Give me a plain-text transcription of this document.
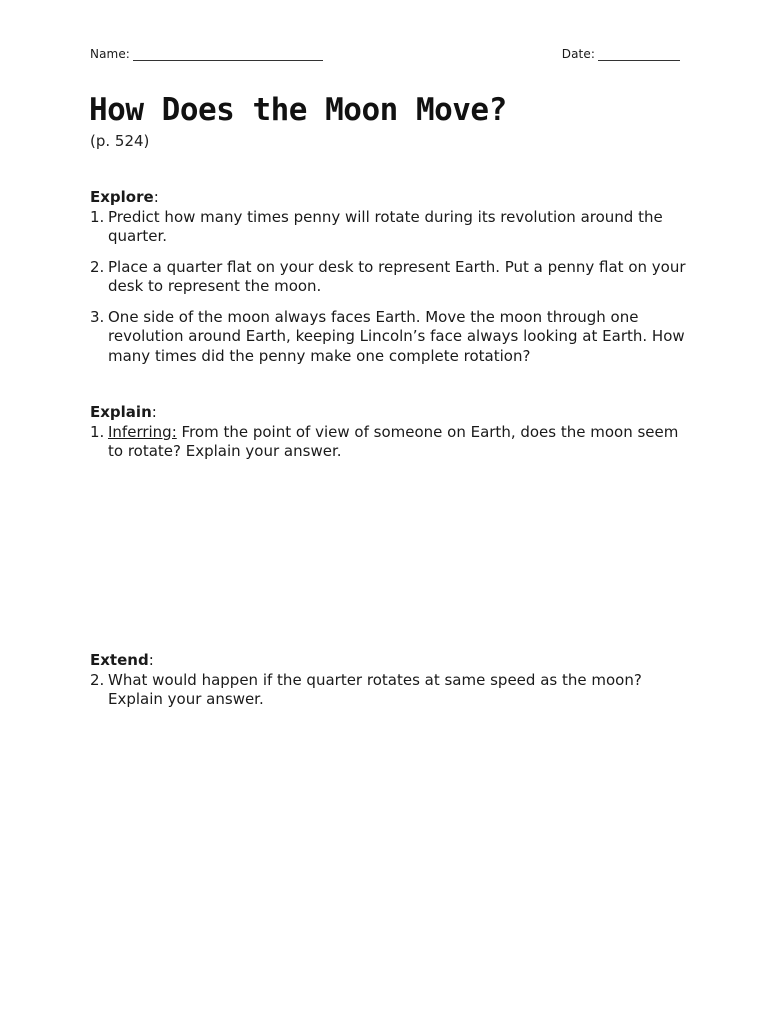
Name:	Date:
How Does the Moon Move?
(p. 524)
Explore:
1. Predict how many times penny will rotate during its revolution around the quarter.
2. Place a quarter flat on your desk to represent Earth. Put a penny flat on your desk to represent the moon.
3. One side of the moon always faces Earth. Move the moon through one revolution around Earth, keeping Lincoln’s face always looking at Earth. How many times did the penny make one complete rotation?
Explain:
1. Inferring: From the point of view of someone on Earth, does the moon seem to rotate? Explain your answer.
Extend:
2. What would happen if the quarter rotates at same speed as the moon? Explain your answer.
